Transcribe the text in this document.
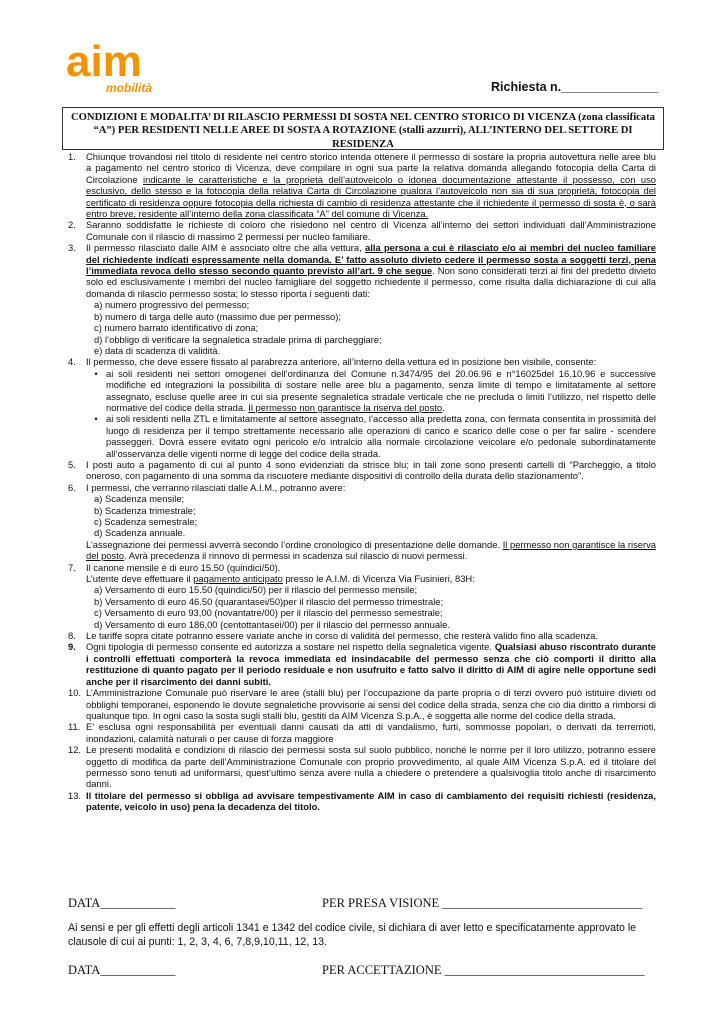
aim
mobilità	Richiesta n.______________
CONDIZIONI E MODALITA’ DI RILASCIO PERMESSI DI SOSTA NEL CENTRO STORICO DI VICENZA (zona classificata “A”) PER RESIDENTI NELLE AREE DI SOSTA A ROTAZIONE (stalli azzurri), ALL’INTERNO DEL SETTORE DI RESIDENZA
1.	Chiunque trovandosi nel titolo di residente nel centro storico intenda ottenere il permesso di sostare la propria autovettura nelle aree blu a pagamento nel centro storico di Vicenza, deve compilare in ogni sua parte la relativa domanda allegando fotocopia della Carta di Circolazione indicante le caratteristiche e la proprietà dell’autoveicolo o idonea documentazione attestante il possesso, con uso esclusivo, dello stesso e la fotocopia della relativa Carta di Circolazione qualora l’autoveicolo non sia di sua proprietà, fotocopia del certificato di residenza oppure fotocopia della richiesta di cambio di residenza attestante che il richiedente il permesso di sosta è, o sarà entro breve, residente all’interno della zona classificata “A” del comune di Vicenza.
2.	Saranno soddisfatte le richieste di coloro che risiedono nel centro di Vicenza all’interno dei settori individuati dall’Amministrazione Comunale con il rilascio di massimo 2 permessi per nucleo familiare.
3.	Il permesso rilasciato dalle AIM è associato oltre che alla vettura, alla persona a cui è rilasciato e/o ai membri del nucleo familiare del richiedente indicati espressamente nella domanda. E’ fatto assoluto divieto cedere il permesso sosta a soggetti terzi, pena l’immediata revoca dello stesso secondo quanto previsto all’art. 9 che segue. Non sono considerati terzi ai fini del predetto divieto solo ed esclusivamente i membri del nucleo famigliare del soggetto richiedente il permesso, come risulta dalla dichiarazione di cui alla domanda di rilascio permesso sosta; lo stesso riporta i seguenti dati:
a) numero progressivo del permesso;
b) numero di targa delle auto (massimo due per permesso);
c) numero barrato identificativo di zona;
d) l’obbligo di verificare la segnaletica stradale prima di parcheggiare;
e) data di scadenza di validità.
4.	Il permesso, che deve essere fissato al parabrezza anteriore, all’interno della vettura ed in posizione ben visibile, consente:
• ai soli residenti nei settori omogenei dell’ordinanza del Comune n.3474/95 del 20.06.96 e n°16025del 16.10.96 e successive modifiche ed integrazioni la possibilità di sostare nelle aree blu a pagamento, senza limite di tempo e limitatamente al settore assegnato, escluse quelle aree in cui sia presente segnaletica stradale verticale che ne precluda o limiti l’utilizzo, nel rispetto delle normative del codice della strada. Il permesso non garantisce la riserva del posto.
• ai soli residenti nella ZTL e limitatamente al settore assegnato, l’accesso alla predetta zona, con fermata consentita in prossimità del luogo di residenza per il tempo strettamente necessario alle operazioni di carico e scarico delle cose o per far salire - scendere passeggeri. Dovrà essere evitato ogni pericolo e/o intralcio alla normale circolazione veicolare e/o pedonale subordinatamente all’osservanza delle vigenti norme di legge del codice della strada.
5.	I posti auto a pagamento di cui al punto 4 sono evidenziati da strisce blu; in tali zone sono presenti cartelli di “Parcheggio, a titolo oneroso, con pagamento di una somma da riscuotere mediante dispositivi di controllo della durata dello stazionamento”.
6.	I permessi, che verranno rilasciati dalle A.I.M., potranno avere:
a) Scadenza mensile;
b) Scadenza trimestrale;
c) Scadenza semestrale;
d) Scadenza annuale.
L’assegnazione dei permessi avverrà secondo l’ordine cronologico di presentazione delle domande. Il permesso non garantisce la riserva del posto. Avrà precedenza il rinnovo di permessi in scadenza sul rilascio di nuovi permessi.
7.	Il canone mensile è di euro 15.50 (quindici/50).
L’utente deve effettuare il pagamento anticipato presso le A.I.M. di Vicenza Via Fusinieri, 83H:
a) Versamento di euro 15.50 (quindici/50) per il rilascio del permesso mensile;
b) Versamento di euro 46.50 (quarantasei/50)per il rilascio del permesso trimestrale;
c) Versamento di euro 93,00 (novantatre/00) per il rilascio del permesso semestrale;
d) Versamento di euro 186,00 (centottantasei/00) per il rilascio del permesso annuale.
8.	Le tariffe sopra citate potranno essere variate anche in corso di validità del permesso, che resterà valido fino alla scadenza.
9.	Ogni tipologia di permesso consente ed autorizza a sostare nel rispetto della segnaletica vigente. Qualsiasi abuso riscontrato durante i controlli effettuati comporterà la revoca immediata ed insindacabile del permesso senza che ciò comporti il diritto alla restituzione di quanto pagato per il periodo residuale e non usufruito e fatto salvo il diritto di AIM di agire nelle opportune sedi anche per il risarcimento dei danni subiti.
10. L’Amministrazione Comunale può riservare le aree (stalli blu) per l’occupazione da parte propria o di terzi ovvero può istituire divieti od obblighi temporanei, esponendo le dovute segnaletiche provvisorie ai sensi del codice della strada, senza che ciò dia diritto a rimborsi di qualunque tipo. In ogni caso la sosta sugli stalli blu, gestiti da AIM Vicenza S.p.A., è soggetta alle norme del codice della strada.
11. E’ esclusa ogni responsabilità per eventuali danni causati da atti di vandalismo, furti, sommosse popolari, o derivati da terremoti, inondazioni, calamità naturali o per cause di forza maggiore
12. Le presenti modalità e condizioni di rilascio dei permessi sosta sul suolo pubblico, nonché le norme per il loro utilizzo, potranno essere oggetto di modifica da parte dell’Amministrazione Comunale con proprio provvedimento, al quale AIM Vicenza S.p.A. ed il titolare del permesso sono tenuti ad uniformarsi, quest’ultimo senza avere nulla a chiedere o pretendere a qualsivoglia titolo anche di risarcimento danni.
13. Il titolare del permesso si obbliga ad avvisare tempestivamente AIM in caso di cambiamento dei requisiti richiesti (residenza, patente, veicolo in uso) pena la decadenza del titolo.
DATA____________	PER PRESA VISIONE ________________________________
Ai sensi e per gli effetti degli articoli 1341 e 1342 del codice civile, si dichiara di aver letto e specificatamente approvato le clausole di cui ai punti: 1, 2, 3, 4, 6, 7,8,9,10,11, 12, 13.
DATA____________	PER ACCETTAZIONE ________________________________
